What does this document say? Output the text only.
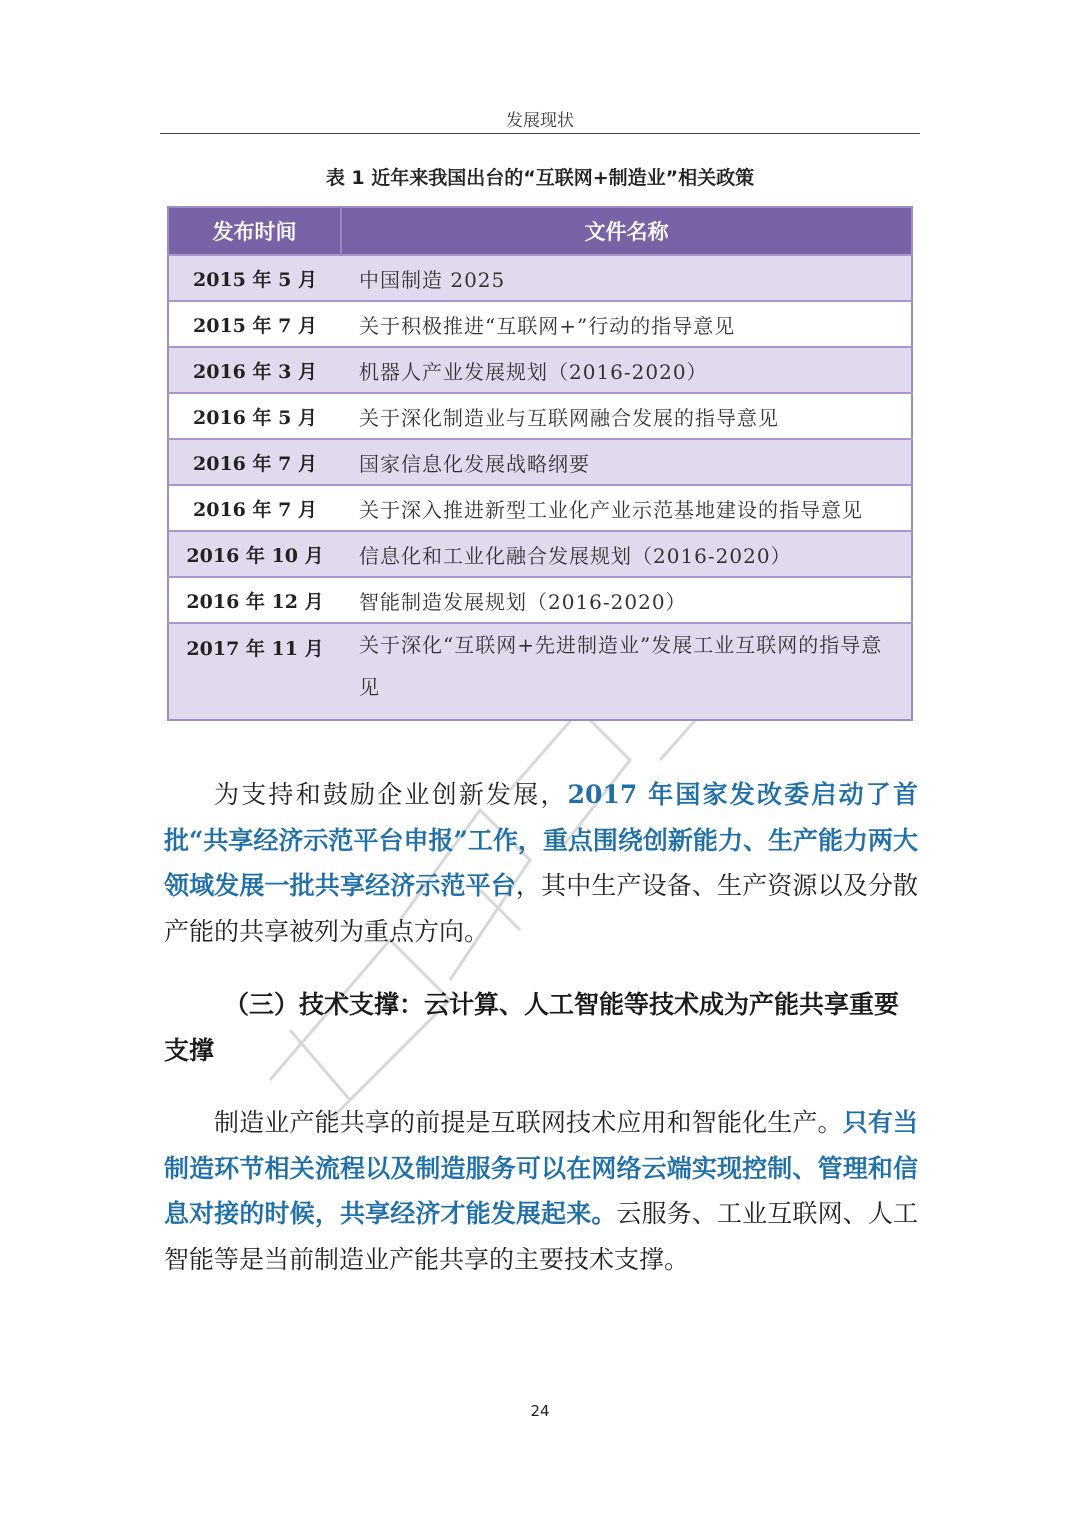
发展现状
表 1 近年来我国出台的“互联网+制造业”相关政策
发布时间	文件名称
2015 年 5 月	中国制造 2025
2015 年 7 月	关于积极推进“互联网+”行动的指导意见
2016 年 3 月	机器人产业发展规划（2016-2020）
2016 年 5 月	关于深化制造业与互联网融合发展的指导意见
2016 年 7 月	国家信息化发展战略纲要
2016 年 7 月	关于深入推进新型工业化产业示范基地建设的指导意见
2016 年 10 月	信息化和工业化融合发展规划（2016-2020）
2016 年 12 月	智能制造发展规划（2016-2020）
2017 年 11 月	关于深化“互联网+先进制造业”发展工业互联网的指导意见
为支持和鼓励企业创新发展，2017 年国家发改委启动了首批“共享经济示范平台申报”工作，重点围绕创新能力、生产能力两大领域发展一批共享经济示范平台，其中生产设备、生产资源以及分散产能的共享被列为重点方向。
（三）技术支撑：云计算、人工智能等技术成为产能共享重要支撑
制造业产能共享的前提是互联网技术应用和智能化生产。只有当制造环节相关流程以及制造服务可以在网络云端实现控制、管理和信息对接的时候，共享经济才能发展起来。云服务、工业互联网、人工智能等是当前制造业产能共享的主要技术支撑。
24
